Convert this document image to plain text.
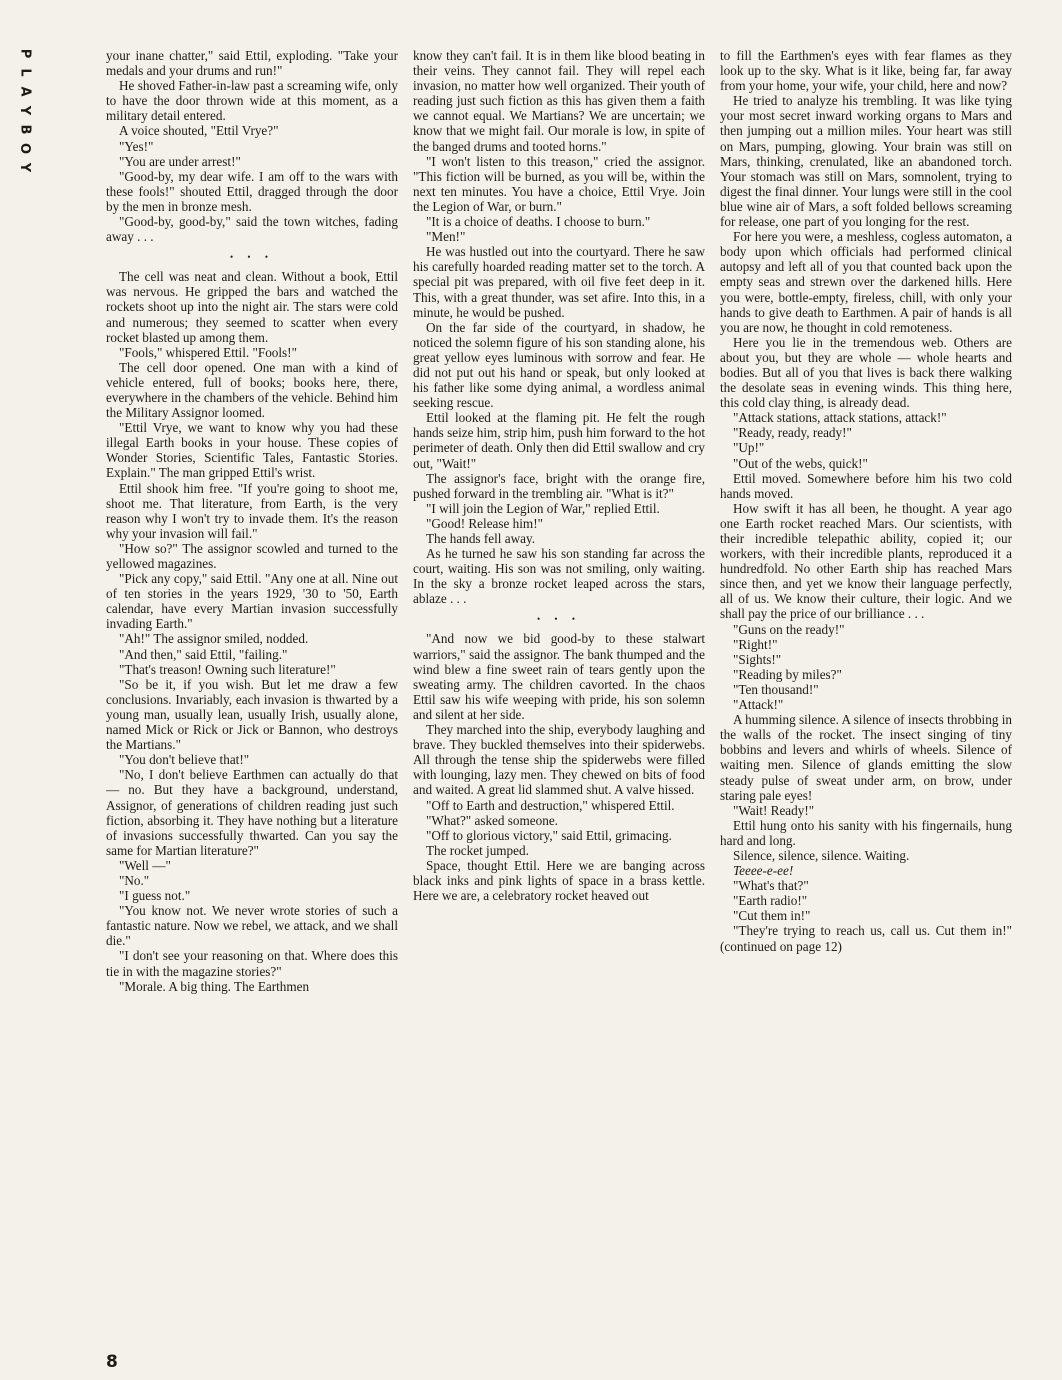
P
L
A
Y
B
O
Y

your inane chatter," said Ettil, exploding. "Take your medals and your drums and run!"

He shoved Father-in-law past a screaming wife, only to have the door thrown wide at this moment, as a military detail entered.

A voice shouted, "Ettil Vrye?"

"Yes!"

"You are under arrest!"

"Good-by, my dear wife. I am off to the wars with these fools!" shouted Ettil, dragged through the door by the men in bronze mesh.

"Good-by, good-by," said the town witches, fading away . . .

• • •

The cell was neat and clean. Without a book, Ettil was nervous. He gripped the bars and watched the rockets shoot up into the night air. The stars were cold and numerous; they seemed to scatter when every rocket blasted up among them.

"Fools," whispered Ettil. "Fools!"

The cell door opened. One man with a kind of vehicle entered, full of books; books here, there, everywhere in the chambers of the vehicle. Behind him the Military Assignor loomed.

"Ettil Vrye, we want to know why you had these illegal Earth books in your house. These copies of Wonder Stories, Scientific Tales, Fantastic Stories. Explain." The man gripped Ettil's wrist.

Ettil shook him free. "If you're going to shoot me, shoot me. That literature, from Earth, is the very reason why I won't try to invade them. It's the reason why your invasion will fail."

"How so?" The assignor scowled and turned to the yellowed magazines.

"Pick any copy," said Ettil. "Any one at all. Nine out of ten stories in the years 1929, '30 to '50, Earth calendar, have every Martian invasion successfully invading Earth."

"Ah!" The assignor smiled, nodded.

"And then," said Ettil, "failing."

"That's treason! Owning such literature!"

"So be it, if you wish. But let me draw a few conclusions. Invariably, each invasion is thwarted by a young man, usually lean, usually Irish, usually alone, named Mick or Rick or Jick or Bannon, who destroys the Martians."

"You don't believe that!"

"No, I don't believe Earthmen can actually do that — no. But they have a background, understand, Assignor, of generations of children reading just such fiction, absorbing it. They have nothing but a literature of invasions successfully thwarted. Can you say the same for Martian literature?"

"Well —"

"No."

"I guess not."

"You know not. We never wrote stories of such a fantastic nature. Now we rebel, we attack, and we shall die."

"I don't see your reasoning on that. Where does this tie in with the magazine stories?"

"Morale. A big thing. The Earthmen

know they can't fail. It is in them like blood beating in their veins. They cannot fail. They will repel each invasion, no matter how well organized. Their youth of reading just such fiction as this has given them a faith we cannot equal. We Martians? We are uncertain; we know that we might fail. Our morale is low, in spite of the banged drums and tooted horns."

"I won't listen to this treason," cried the assignor. "This fiction will be burned, as you will be, within the next ten minutes. You have a choice, Ettil Vrye. Join the Legion of War, or burn."

"It is a choice of deaths. I choose to burn."

"Men!"

He was hustled out into the courtyard. There he saw his carefully hoarded reading matter set to the torch. A special pit was prepared, with oil five feet deep in it. This, with a great thunder, was set afire. Into this, in a minute, he would be pushed.

On the far side of the courtyard, in shadow, he noticed the solemn figure of his son standing alone, his great yellow eyes luminous with sorrow and fear. He did not put out his hand or speak, but only looked at his father like some dying animal, a wordless animal seeking rescue.

Ettil looked at the flaming pit. He felt the rough hands seize him, strip him, push him forward to the hot perimeter of death. Only then did Ettil swallow and cry out, "Wait!"

The assignor's face, bright with the orange fire, pushed forward in the trembling air. "What is it?"

"I will join the Legion of War," replied Ettil.

"Good! Release him!"

The hands fell away.

As he turned he saw his son standing far across the court, waiting. His son was not smiling, only waiting. In the sky a bronze rocket leaped across the stars, ablaze . . .

• • •

"And now we bid good-by to these stalwart warriors," said the assignor. The bank thumped and the wind blew a fine sweet rain of tears gently upon the sweating army. The children cavorted. In the chaos Ettil saw his wife weeping with pride, his son solemn and silent at her side.

They marched into the ship, everybody laughing and brave. They buckled themselves into their spiderwebs. All through the tense ship the spiderwebs were filled with lounging, lazy men. They chewed on bits of food and waited. A great lid slammed shut. A valve hissed.

"Off to Earth and destruction," whispered Ettil.

"What?" asked someone.

"Off to glorious victory," said Ettil, grimacing.

The rocket jumped.

Space, thought Ettil. Here we are banging across black inks and pink lights of space in a brass kettle. Here we are, a celebratory rocket heaved out

to fill the Earthmen's eyes with fear flames as they look up to the sky. What is it like, being far, far away from your home, your wife, your child, here and now?

He tried to analyze his trembling. It was like tying your most secret inward working organs to Mars and then jumping out a million miles. Your heart was still on Mars, pumping, glowing. Your brain was still on Mars, thinking, crenulated, like an abandoned torch. Your stomach was still on Mars, somnolent, trying to digest the final dinner. Your lungs were still in the cool blue wine air of Mars, a soft folded bellows screaming for release, one part of you longing for the rest.

For here you were, a meshless, cogless automaton, a body upon which officials had performed clinical autopsy and left all of you that counted back upon the empty seas and strewn over the darkened hills. Here you were, bottle-empty, fireless, chill, with only your hands to give death to Earthmen. A pair of hands is all you are now, he thought in cold remoteness.

Here you lie in the tremendous web. Others are about you, but they are whole — whole hearts and bodies. But all of you that lives is back there walking the desolate seas in evening winds. This thing here, this cold clay thing, is already dead.

"Attack stations, attack stations, attack!"

"Ready, ready, ready!"

"Up!"

"Out of the webs, quick!"

Ettil moved. Somewhere before him his two cold hands moved.

How swift it has all been, he thought. A year ago one Earth rocket reached Mars. Our scientists, with their incredible telepathic ability, copied it; our workers, with their incredible plants, reproduced it a hundredfold. No other Earth ship has reached Mars since then, and yet we know their language perfectly, all of us. We know their culture, their logic. And we shall pay the price of our brilliance . . .

"Guns on the ready!"

"Right!"

"Sights!"

"Reading by miles?"

"Ten thousand!"

"Attack!"

A humming silence. A silence of insects throbbing in the walls of the rocket. The insect singing of tiny bobbins and levers and whirls of wheels. Silence of waiting men. Silence of glands emitting the slow steady pulse of sweat under arm, on brow, under staring pale eyes!

"Wait! Ready!"

Ettil hung onto his sanity with his fingernails, hung hard and long.

Silence, silence, silence. Waiting.

Teeee-e-ee!

"What's that?"

"Earth radio!"

"Cut them in!"

"They're trying to reach us, call us. Cut them in!" (continued on page 12)

8
